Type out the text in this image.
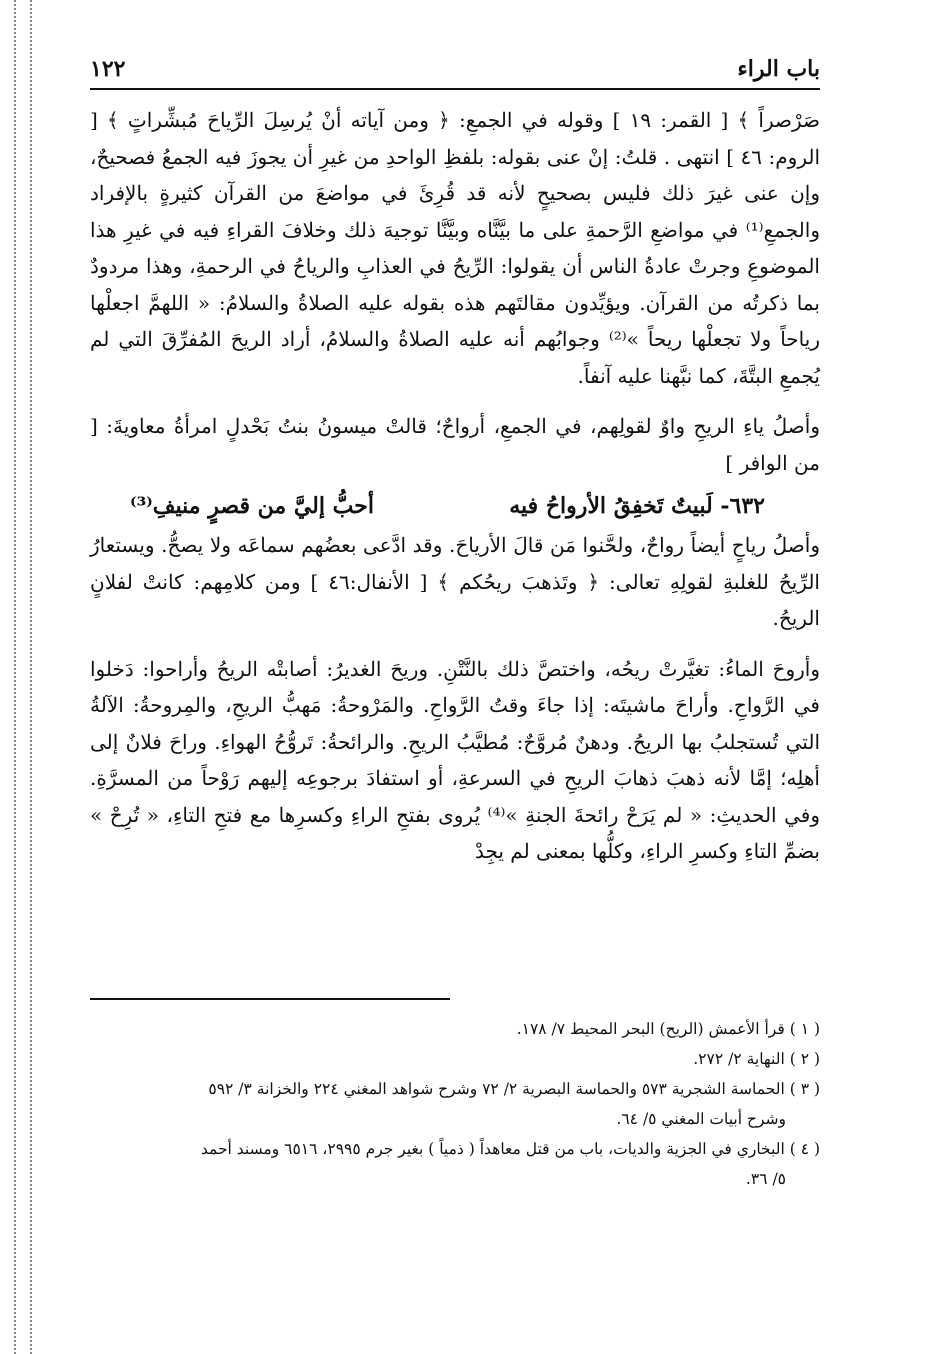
باب الراء
١٢٢

صَرْصراً ﴾ [ القمر: ١٩ ] وقوله في الجمعِ: ﴿ ومن آياته أنْ يُرسِلَ الرِّياحَ مُبشِّراتٍ ﴾ [ الروم: ٤٦ ] انتهى . قلتُ: إنْ عنى بقوله: بلفظِ الواحدِ من غيرِ أن يجوزَ فيه الجمعُ فصحيحٌ، وإن عنى غيرَ ذلك فليس بصحيحٍ لأنه قد قُرِئَ في مواضعَ من القرآن كثيرةٍ بالإفراد والجمعِ⁽¹⁾ في مواضعِ الرَّحمةِ على ما بيَّنَّاه وبيَّنَّا توجيهَ ذلك وخلافَ القراءِ فيه في غيرِ هذا الموضوعِ وجرتْ عادةُ الناس أن يقولوا: الرِّيحُ في العذابِ والرياحُ في الرحمةِ، وهذا مردودٌ بما ذكرتُه من القرآن. ويؤيِّدون مقالتَهم هذه بقوله عليه الصلاةُ والسلامُ: « اللهمَّ اجعلْها رياحاً ولا تجعلْها ريحاً »⁽²⁾ وجوابُهم أنه عليه الصلاةُ والسلامُ، أراد الريحَ المُفرِّقَ التي لم يُجمعِ البتَّةَ، كما نبَّهنا عليه آنفاً.

وأصلُ ياءِ الريحِ واوٌ لقولِهم، في الجمعِ، أرواحٌ؛ قالتْ ميسونُ بنتُ بَحْدلٍ امرأةُ معاويةَ: [ من الوافر ]

٦٣٢- لَبيتٌ تَخفِقُ الأرواحُ فيه
أحبُّ إليَّ من قصرٍ منيفِ⁽³⁾

وأصلُ رياحٍ أيضاً رواحٌ، ولحَّنوا مَن قالَ الأرياحَ. وقد ادَّعى بعضُهم سماعَه ولا يصحُّ. ويستعارُ الرِّيحُ للغلبةِ لقولِهِ تعالى: ﴿ وتَذهبَ ريحُكم ﴾ [ الأنفال:٤٦ ] ومن كلامِهم: كانتْ لفلانٍ الريحُ.

وأروحَ الماءُ: تغيَّرتْ ريحُه، واختصَّ ذلك بالنَّتْنِ. وريحَ الغديرُ: أصابتْه الريحُ وأراحوا: دَخلوا في الرَّواحِ. وأراحَ ماشيتَه: إذا جاءَ وقتُ الرَّواحِ. والمَرْوحةُ: مَهبُّ الريحِ، والمِروحةُ: الآلةُ التي تُستجلبُ بها الريحُ. ودهنٌ مُروَّحٌ: مُطيَّبُ الريحِ. والرائحةُ: تَروُّحُ الهواءِ. وراحَ فلانٌ إلى أهلِه؛ إمَّا لأنه ذهبَ ذهابَ الريحِ في السرعةِ، أو استفادَ برجوعِه إليهم رَوْحاً من المسرَّةِ. وفي الحديثِ: « لم يَرَحْ رائحةَ الجنةِ »⁽⁴⁾ يُروى بفتحِ الراءِ وكسرِها مع فتحِ التاءِ، « تُرِحْ » بضمِّ التاءِ وكسرِ الراءِ، وكلُّها بمعنى لم يجِدْ

( ١ ) قرأ الأعمش (الريح) البحر المحيط ٧/ ١٧٨.

( ٢ ) النهاية ٢/ ٢٧٢.

( ٣ ) الحماسة الشجرية ٥٧٣ والحماسة البصرية ٢/ ٧٢ وشرح شواهد المغني ٢٢٤ والخزانة ٣/ ٥٩٢
وشرح أبيات المغني ٥/ ٦٤.

( ٤ ) البخاري في الجزية والديات، باب من قتل معاهداً ( ذمياً ) بغير جرم ٢٩٩٥، ٦٥١٦ ومسند أحمد
٥/ ٣٦.
